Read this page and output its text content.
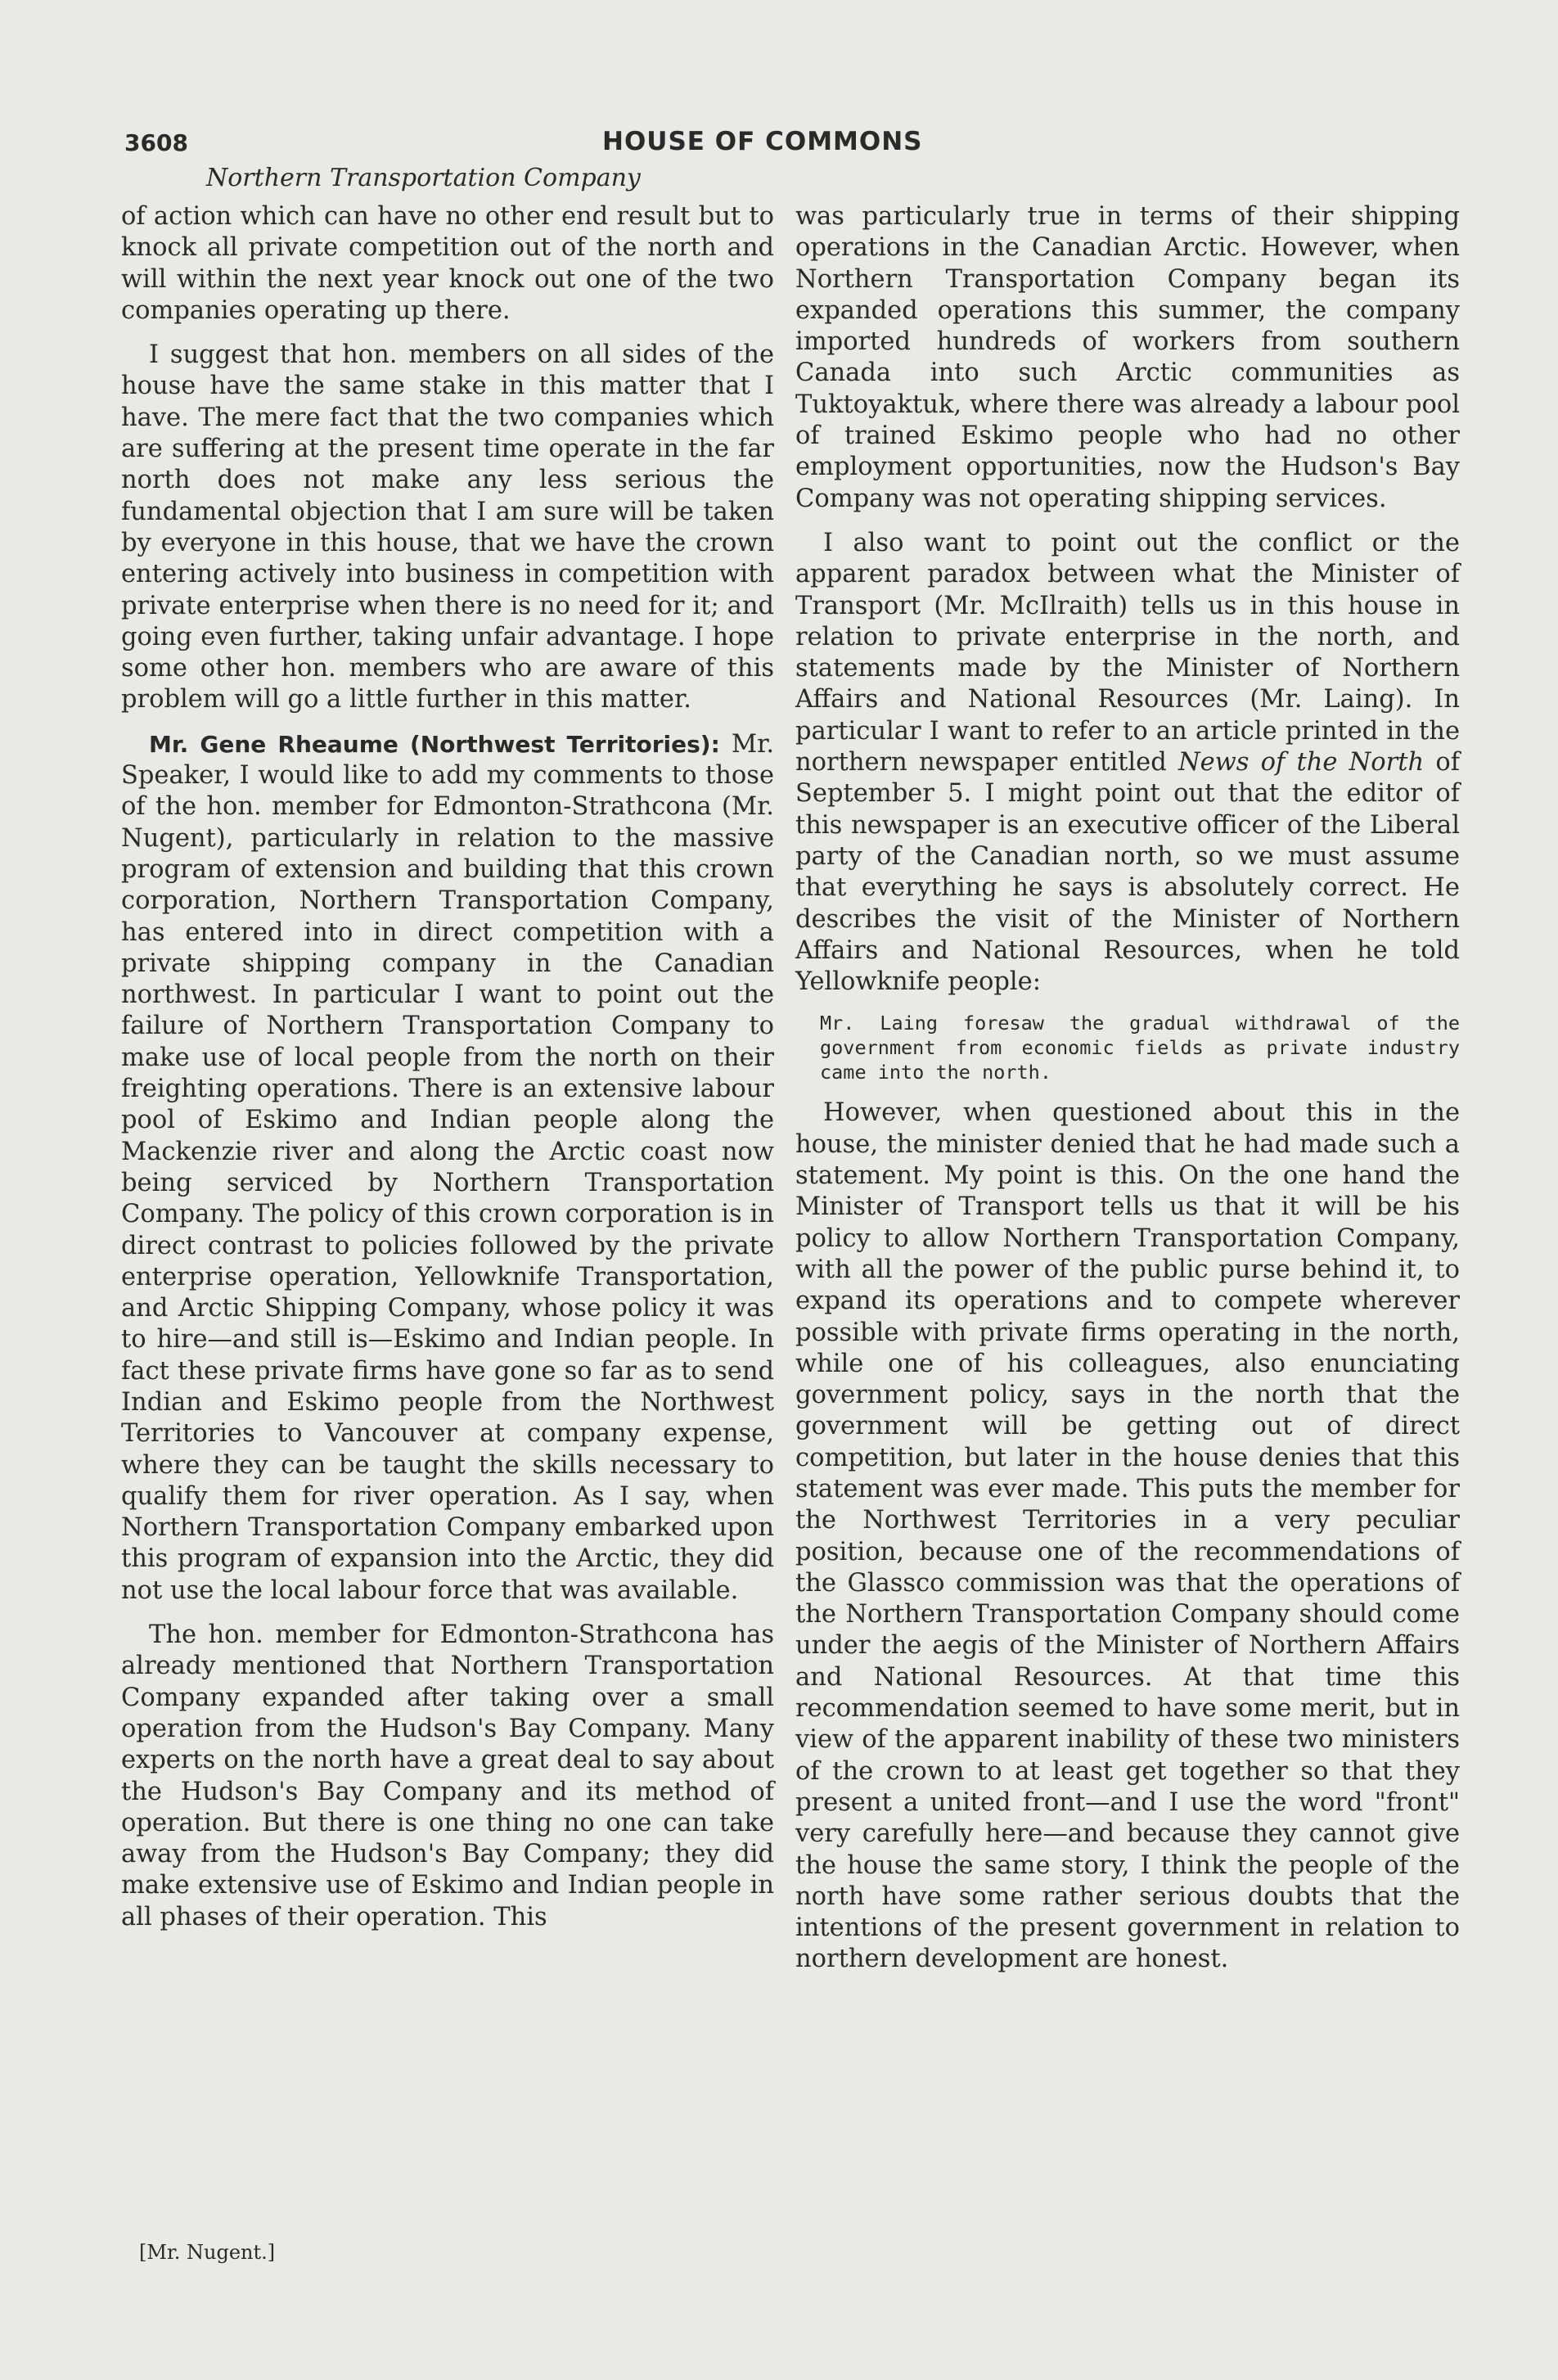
3608	HOUSE OF COMMONS
Northern Transportation Company

of action which can have no other end result but to knock all private competition out of the north and will within the next year knock out one of the two companies operating up there.

I suggest that hon. members on all sides of the house have the same stake in this matter that I have. The mere fact that the two companies which are suffering at the present time operate in the far north does not make any less serious the fundamental objection that I am sure will be taken by everyone in this house, that we have the crown entering actively into business in competition with private enterprise when there is no need for it; and going even further, taking unfair advantage. I hope some other hon. members who are aware of this problem will go a little further in this matter.

Mr. Gene Rheaume (Northwest Territories): Mr. Speaker, I would like to add my comments to those of the hon. member for Edmonton-Strathcona (Mr. Nugent), particularly in relation to the massive program of extension and building that this crown corporation, Northern Transportation Company, has entered into in direct competition with a private shipping company in the Canadian northwest. In particular I want to point out the failure of Northern Transportation Company to make use of local people from the north on their freighting operations. There is an extensive labour pool of Eskimo and Indian people along the Mackenzie river and along the Arctic coast now being serviced by Northern Transportation Company. The policy of this crown corporation is in direct contrast to policies followed by the private enterprise operation, Yellowknife Transportation, and Arctic Shipping Company, whose policy it was to hire—and still is—Eskimo and Indian people. In fact these private firms have gone so far as to send Indian and Eskimo people from the Northwest Territories to Vancouver at company expense, where they can be taught the skills necessary to qualify them for river operation. As I say, when Northern Transportation Company embarked upon this program of expansion into the Arctic, they did not use the local labour force that was available.

The hon. member for Edmonton-Strathcona has already mentioned that Northern Transportation Company expanded after taking over a small operation from the Hudson's Bay Company. Many experts on the north have a great deal to say about the Hudson's Bay Company and its method of operation. But there is one thing no one can take away from the Hudson's Bay Company; they did make extensive use of Eskimo and Indian people in all phases of their operation. This

was particularly true in terms of their shipping operations in the Canadian Arctic. However, when Northern Transportation Company began its expanded operations this summer, the company imported hundreds of workers from southern Canada into such Arctic communities as Tuktoyaktuk, where there was already a labour pool of trained Eskimo people who had no other employment opportunities, now the Hudson's Bay Company was not operating shipping services.

I also want to point out the conflict or the apparent paradox between what the Minister of Transport (Mr. McIlraith) tells us in this house in relation to private enterprise in the north, and statements made by the Minister of Northern Affairs and National Resources (Mr. Laing). In particular I want to refer to an article printed in the northern newspaper entitled News of the North of September 5. I might point out that the editor of this newspaper is an executive officer of the Liberal party of the Canadian north, so we must assume that everything he says is absolutely correct. He describes the visit of the Minister of Northern Affairs and National Resources, when he told Yellowknife people:

Mr. Laing foresaw the gradual withdrawal of the government from economic fields as private industry came into the north.

However, when questioned about this in the house, the minister denied that he had made such a statement. My point is this. On the one hand the Minister of Transport tells us that it will be his policy to allow Northern Transportation Company, with all the power of the public purse behind it, to expand its operations and to compete wherever possible with private firms operating in the north, while one of his colleagues, also enunciating government policy, says in the north that the government will be getting out of direct competition, but later in the house denies that this statement was ever made. This puts the member for the Northwest Territories in a very peculiar position, because one of the recommendations of the Glassco commission was that the operations of the Northern Transportation Company should come under the aegis of the Minister of Northern Affairs and National Resources. At that time this recommendation seemed to have some merit, but in view of the apparent inability of these two ministers of the crown to at least get together so that they present a united front—and I use the word "front" very carefully here—and because they cannot give the house the same story, I think the people of the north have some rather serious doubts that the intentions of the present government in relation to northern development are honest.

[Mr. Nugent.]
